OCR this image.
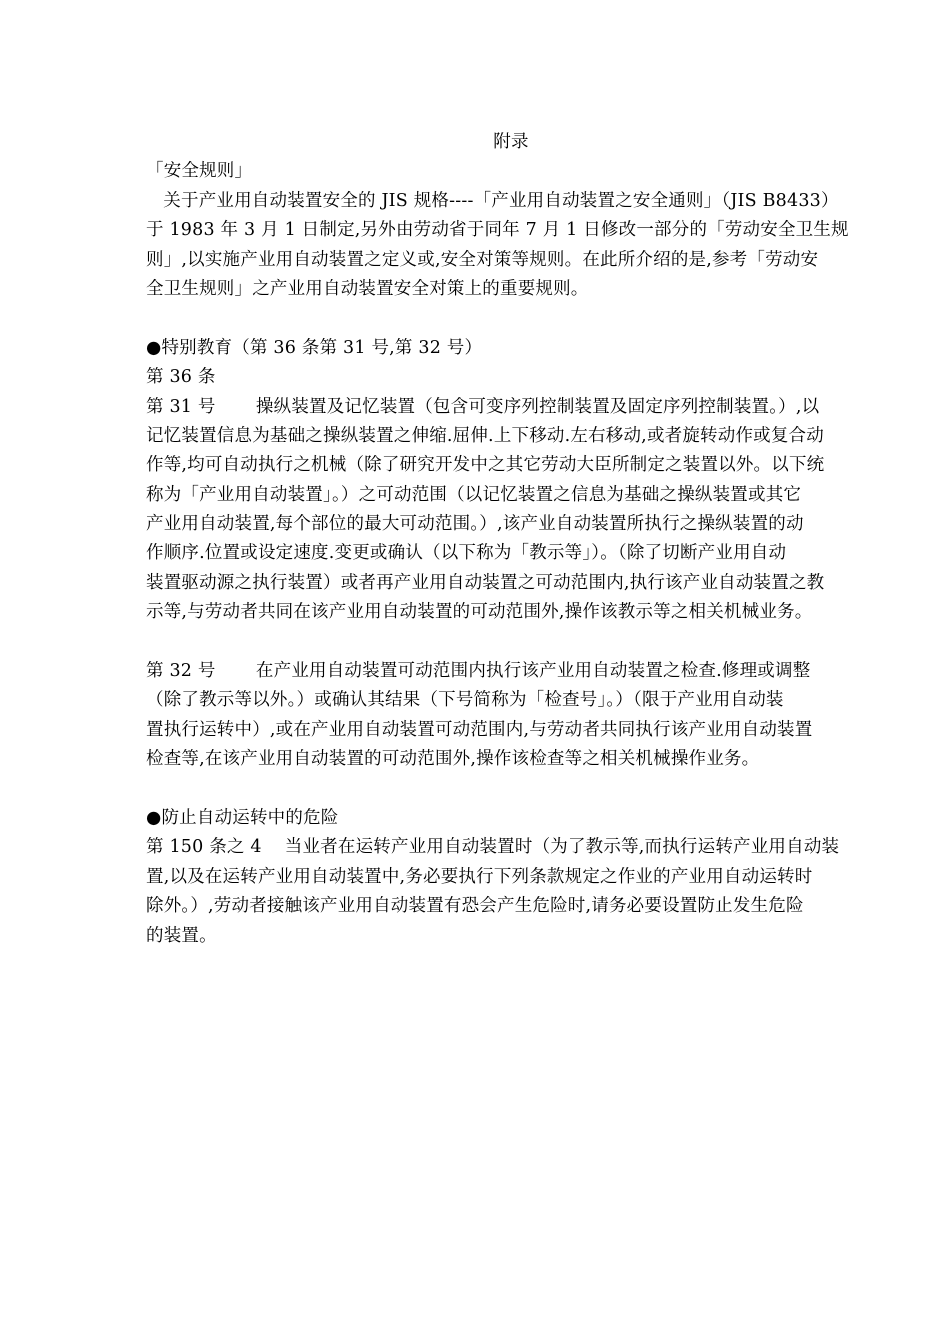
附录
「安全规则」
关于产业用自动装置安全的 JIS 规格----「产业用自动装置之安全通则」（JIS B8433）
于 1983 年 3 月 1 日制定,另外由劳动省于同年 7 月 1 日修改一部分的「劳动安全卫生规
则」,以实施产业用自动装置之定义或,安全对策等规则。在此所介绍的是,参考「劳动安
全卫生规则」之产业用自动装置安全对策上的重要规则。
●特别教育（第 36 条第 31 号,第 32 号）
第 36 条
第 31 号       操纵装置及记忆装置（包含可变序列控制装置及固定序列控制装置。）,以
记忆装置信息为基础之操纵装置之伸缩.屈伸.上下移动.左右移动,或者旋转动作或复合动
作等,均可自动执行之机械（除了研究开发中之其它劳动大臣所制定之装置以外。以下统
称为「产业用自动装置」。）之可动范围（以记忆装置之信息为基础之操纵装置或其它
产业用自动装置,每个部位的最大可动范围。）,该产业自动装置所执行之操纵装置的动
作顺序.位置或设定速度.变更或确认（以下称为「教示等」）。（除了切断产业用自动
装置驱动源之执行装置）或者再产业用自动装置之可动范围内,执行该产业自动装置之教
示等,与劳动者共同在该产业用自动装置的可动范围外,操作该教示等之相关机械业务。
第 32 号       在产业用自动装置可动范围内执行该产业用自动装置之检查.修理或调整
（除了教示等以外。）或确认其结果（下号简称为「检查号」。）（限于产业用自动装
置执行运转中）,或在产业用自动装置可动范围内,与劳动者共同执行该产业用自动装置
检查等,在该产业用自动装置的可动范围外,操作该检查等之相关机械操作业务。
●防止自动运转中的危险
第 150 条之 4    当业者在运转产业用自动装置时（为了教示等,而执行运转产业用自动装
置,以及在运转产业用自动装置中,务必要执行下列条款规定之作业的产业用自动运转时
除外。）,劳动者接触该产业用自动装置有恐会产生危险时,请务必要设置防止发生危险
的装置。
